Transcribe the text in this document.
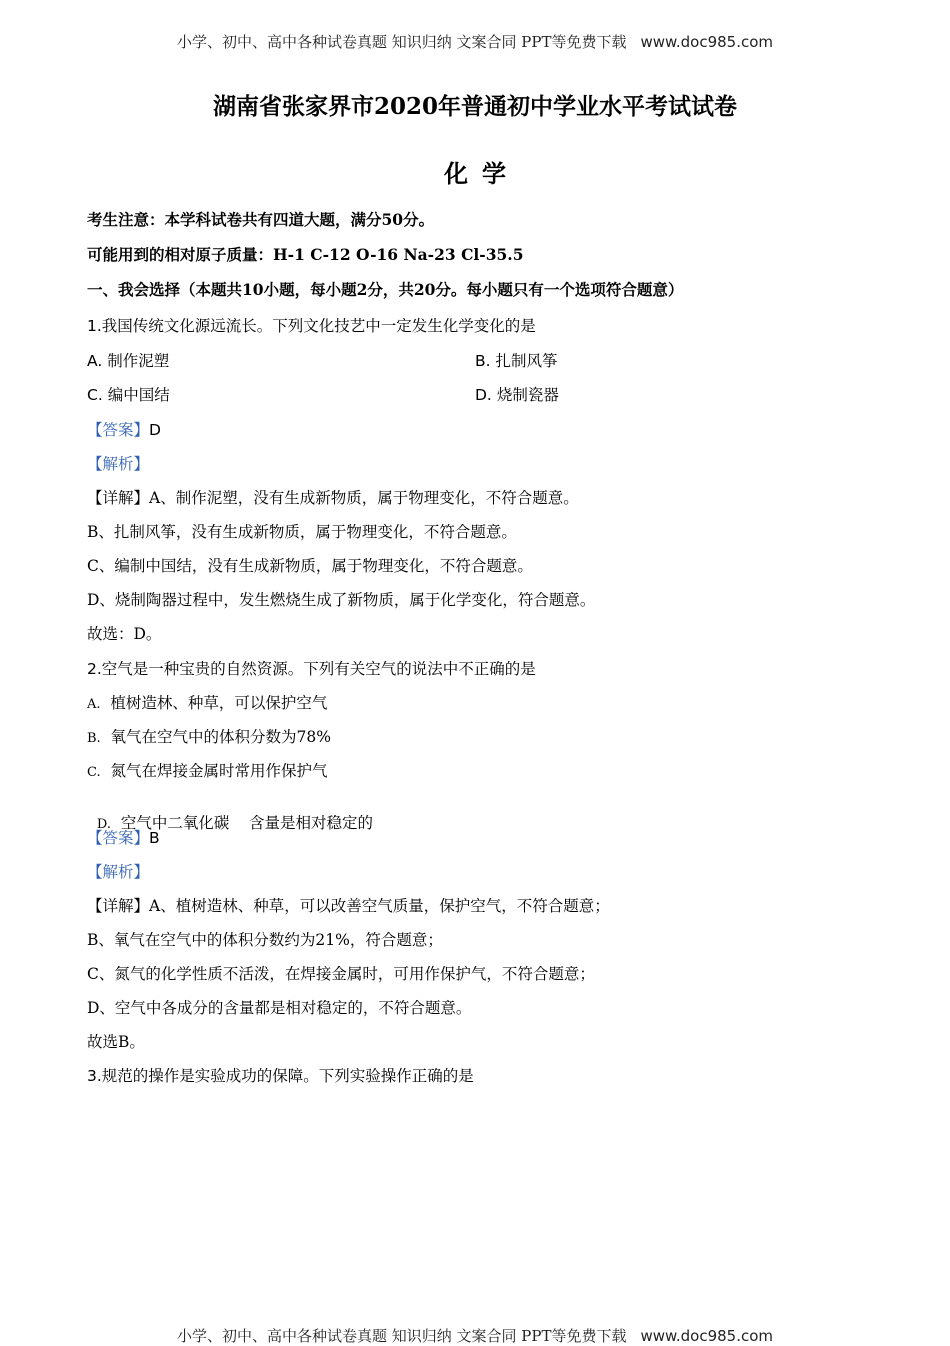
小学、初中、高中各种试卷真题 知识归纳 文案合同 PPT等免费下载 www.doc985.com
湖南省张家界市2020年普通初中学业水平考试试卷
化学
考生注意：本学科试卷共有四道大题，满分50分。
可能用到的相对原子质量：H-1 C-12 O-16 Na-23 Cl-35.5
一、我会选择（本题共10小题，每小题2分，共20分。每小题只有一个选项符合题意）
1.我国传统文化源远流长。下列文化技艺中一定发生化学变化的是
A. 制作泥塑	B. 扎制风筝
C. 编中国结	D. 烧制瓷器
【答案】D
【解析】
【详解】A、制作泥塑，没有生成新物质，属于物理变化，不符合题意。
B、扎制风筝，没有生成新物质，属于物理变化，不符合题意。
C、编制中国结，没有生成新物质，属于物理变化，不符合题意。
D、烧制陶器过程中，发生燃烧生成了新物质，属于化学变化，符合题意。
故选：D。
2.空气是一种宝贵的自然资源。下列有关空气的说法中不正确的是
A. 植树造林、种草，可以保护空气
B. 氧气在空气中的体积分数为78%
C. 氮气在焊接金属时常用作保护气

D. 空气中二氧化碳    含量是相对稳定的

【答案】B
【解析】
【详解】A、植树造林、种草，可以改善空气质量，保护空气，不符合题意；
B、氧气在空气中的体积分数约为21%，符合题意；
C、氮气的化学性质不活泼，在焊接金属时，可用作保护气，不符合题意；
D、空气中各成分的含量都是相对稳定的，不符合题意。
故选B。
3.规范的操作是实验成功的保障。下列实验操作正确的是
小学、初中、高中各种试卷真题 知识归纳 文案合同 PPT等免费下载 www.doc985.com
